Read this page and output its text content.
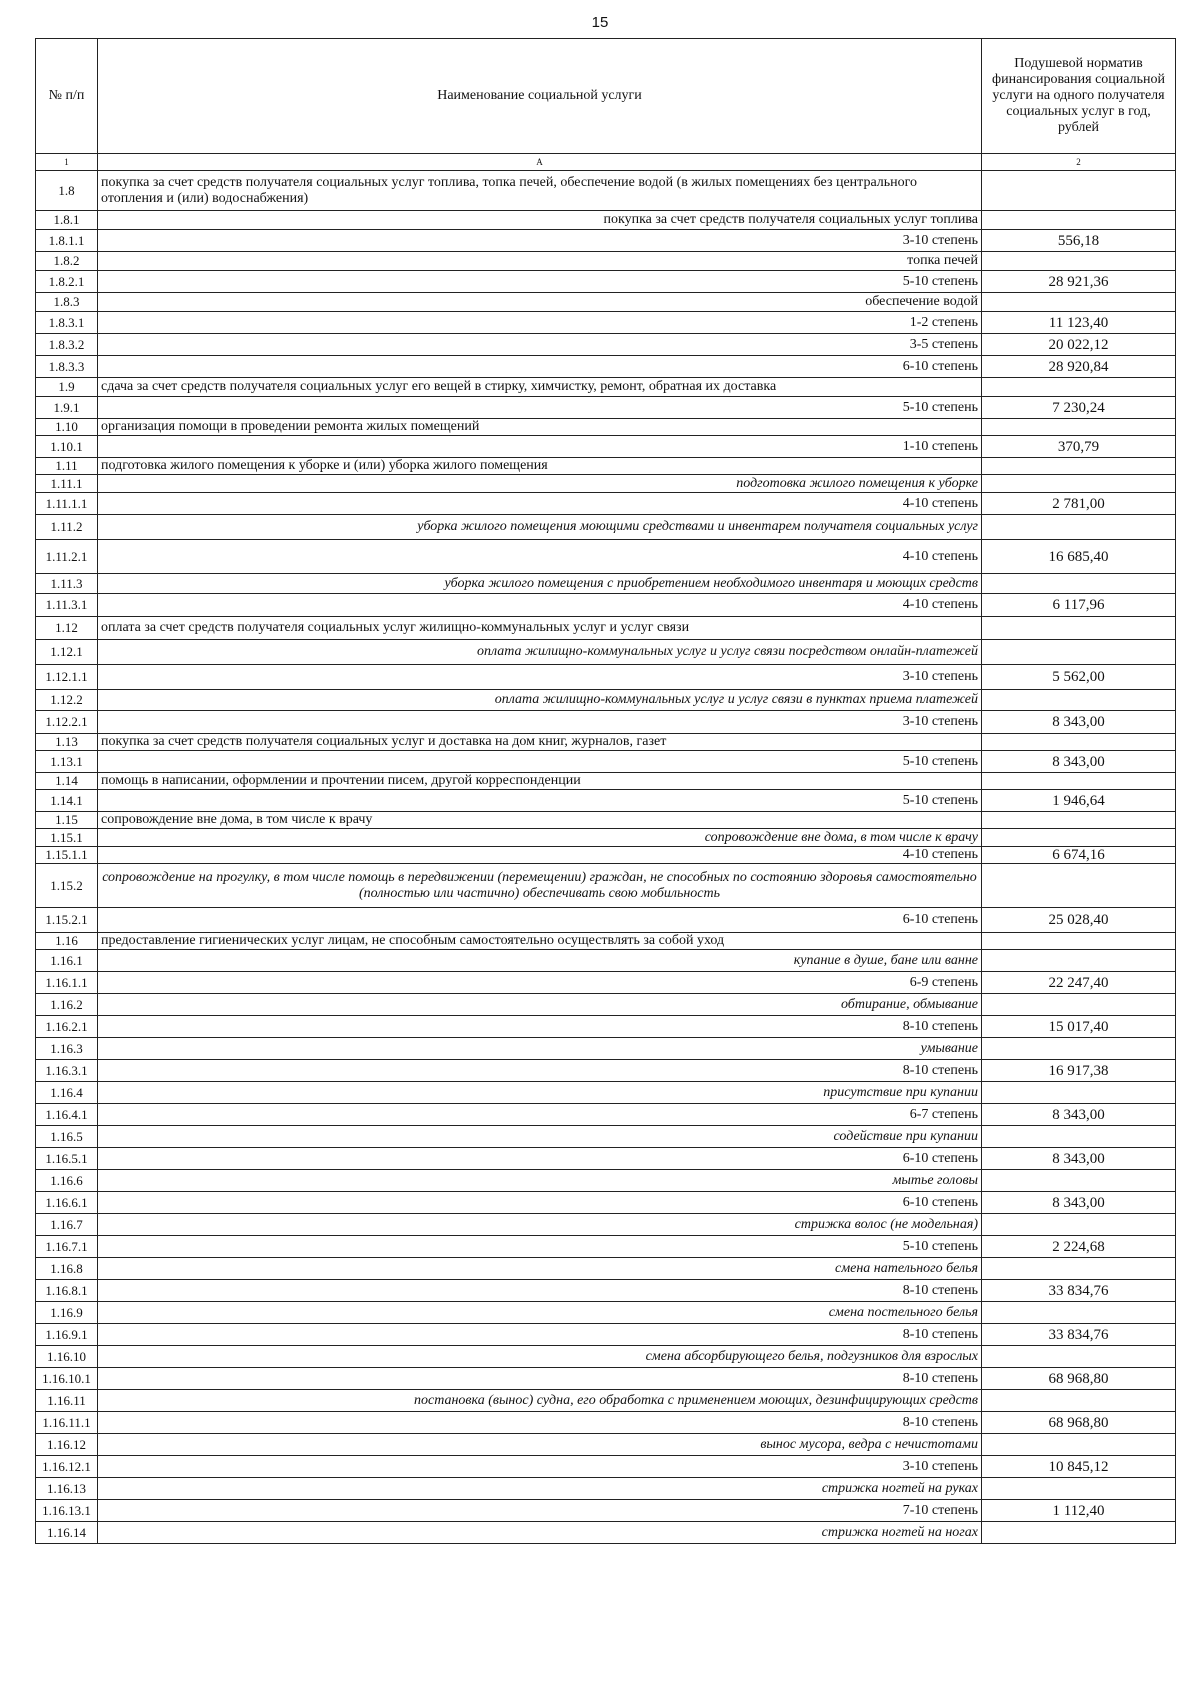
15
№ п/п	Наименование социальной услуги	Подушевой норматив финансирования социальной услуги на одного получателя социальных услуг в год, рублей
1	А	2
1.8	покупка за счет средств получателя социальных услуг топлива, топка печей, обеспечение водой (в жилых помещениях без центрального отопления и (или) водоснабжения)	
1.8.1	покупка за счет средств получателя социальных услуг топлива	
1.8.1.1	3-10 степень	556,18
1.8.2	топка печей	
1.8.2.1	5-10 степень	28 921,36
1.8.3	обеспечение водой	
1.8.3.1	1-2 степень	11 123,40
1.8.3.2	3-5 степень	20 022,12
1.8.3.3	6-10 степень	28 920,84
1.9	сдача за счет средств получателя социальных услуг его вещей в стирку, химчистку, ремонт, обратная их доставка	
1.9.1	5-10 степень	7 230,24
1.10	организация помощи в проведении ремонта жилых помещений	
1.10.1	1-10 степень	370,79
1.11	подготовка жилого помещения к уборке и (или) уборка жилого помещения	
1.11.1	подготовка жилого помещения к уборке	
1.11.1.1	4-10 степень	2 781,00
1.11.2	уборка жилого помещения моющими средствами и инвентарем получателя социальных услуг	
1.11.2.1	4-10 степень	16 685,40
1.11.3	уборка жилого помещения с приобретением необходимого инвентаря и моющих средств	
1.11.3.1	4-10 степень	6 117,96
1.12	оплата за счет средств получателя социальных услуг жилищно-коммунальных услуг и услуг связи	
1.12.1	оплата жилищно-коммунальных услуг и услуг связи посредством онлайн-платежей	
1.12.1.1	3-10 степень	5 562,00
1.12.2	оплата жилищно-коммунальных услуг и услуг связи в пунктах приема платежей	
1.12.2.1	3-10 степень	8 343,00
1.13	покупка за счет средств получателя социальных услуг и доставка на дом книг, журналов, газет	
1.13.1	5-10 степень	8 343,00
1.14	помощь в написании, оформлении и прочтении писем, другой корреспонденции	
1.14.1	5-10 степень	1 946,64
1.15	сопровождение вне дома, в том числе к врачу	
1.15.1	сопровождение вне дома, в том числе к врачу	
1.15.1.1	4-10 степень	6 674,16
1.15.2	сопровождение на прогулку, в том числе помощь в передвижении (перемещении) граждан, не способных по состоянию здоровья самостоятельно (полностью или частично) обеспечивать свою мобильность	
1.15.2.1	6-10 степень	25 028,40
1.16	предоставление гигиенических услуг лицам, не способным самостоятельно осуществлять за собой уход	
1.16.1	купание в душе, бане или ванне	
1.16.1.1	6-9 степень	22 247,40
1.16.2	обтирание, обмывание	
1.16.2.1	8-10 степень	15 017,40
1.16.3	умывание	
1.16.3.1	8-10 степень	16 917,38
1.16.4	присутствие при купании	
1.16.4.1	6-7 степень	8 343,00
1.16.5	содействие при купании	
1.16.5.1	6-10 степень	8 343,00
1.16.6	мытье головы	
1.16.6.1	6-10 степень	8 343,00
1.16.7	стрижка волос (не модельная)	
1.16.7.1	5-10 степень	2 224,68
1.16.8	смена нательного белья	
1.16.8.1	8-10 степень	33 834,76
1.16.9	смена постельного белья	
1.16.9.1	8-10 степень	33 834,76
1.16.10	смена абсорбирующего белья, подгузников для взрослых	
1.16.10.1	8-10 степень	68 968,80
1.16.11	постановка (вынос) судна, его обработка с применением моющих, дезинфицирующих средств	
1.16.11.1	8-10 степень	68 968,80
1.16.12	вынос мусора, ведра с нечистотами	
1.16.12.1	3-10 степень	10 845,12
1.16.13	стрижка ногтей на руках	
1.16.13.1	7-10 степень	1 112,40
1.16.14	стрижка ногтей на ногах	
